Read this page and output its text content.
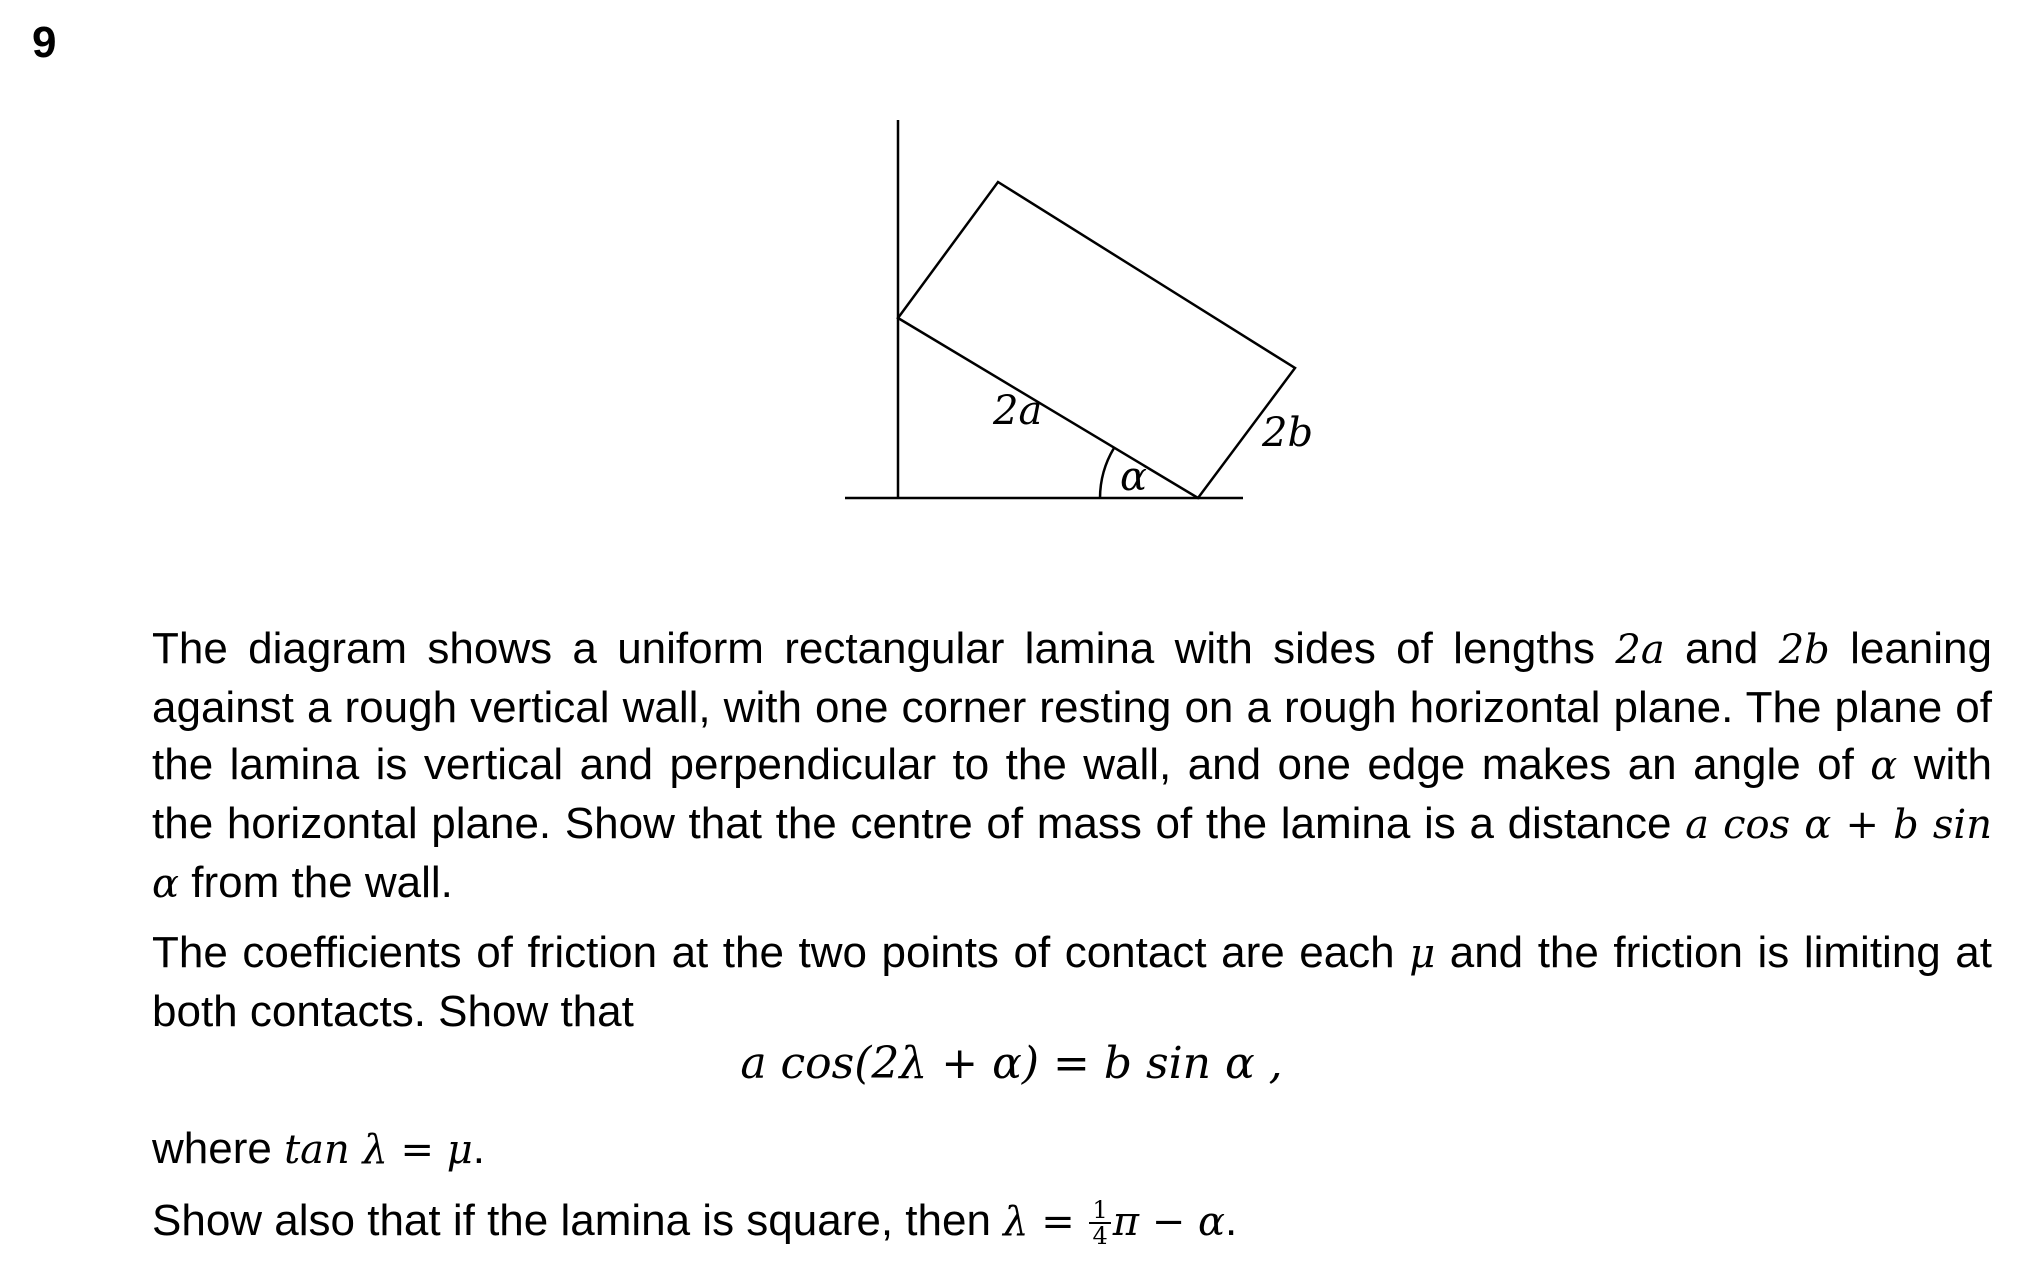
9
2a	2b
α

The diagram shows a uniform rectangular lamina with sides of lengths 2a and 2b leaning against a rough vertical wall, with one corner resting on a rough horizontal plane. The plane of the lamina is vertical and perpendicular to the wall, and one edge makes an angle of α with the horizontal plane. Show that the centre of mass of the lamina is a distance a cos α + b sin α from the wall.

The coefficients of friction at the two points of contact are each μ and the friction is limiting at both contacts. Show that

a cos(2λ + α) = b sin α ,

where tan λ = μ.

Show also that if the lamina is square, then $\lambda = \frac{1}{4}$ π − α.
